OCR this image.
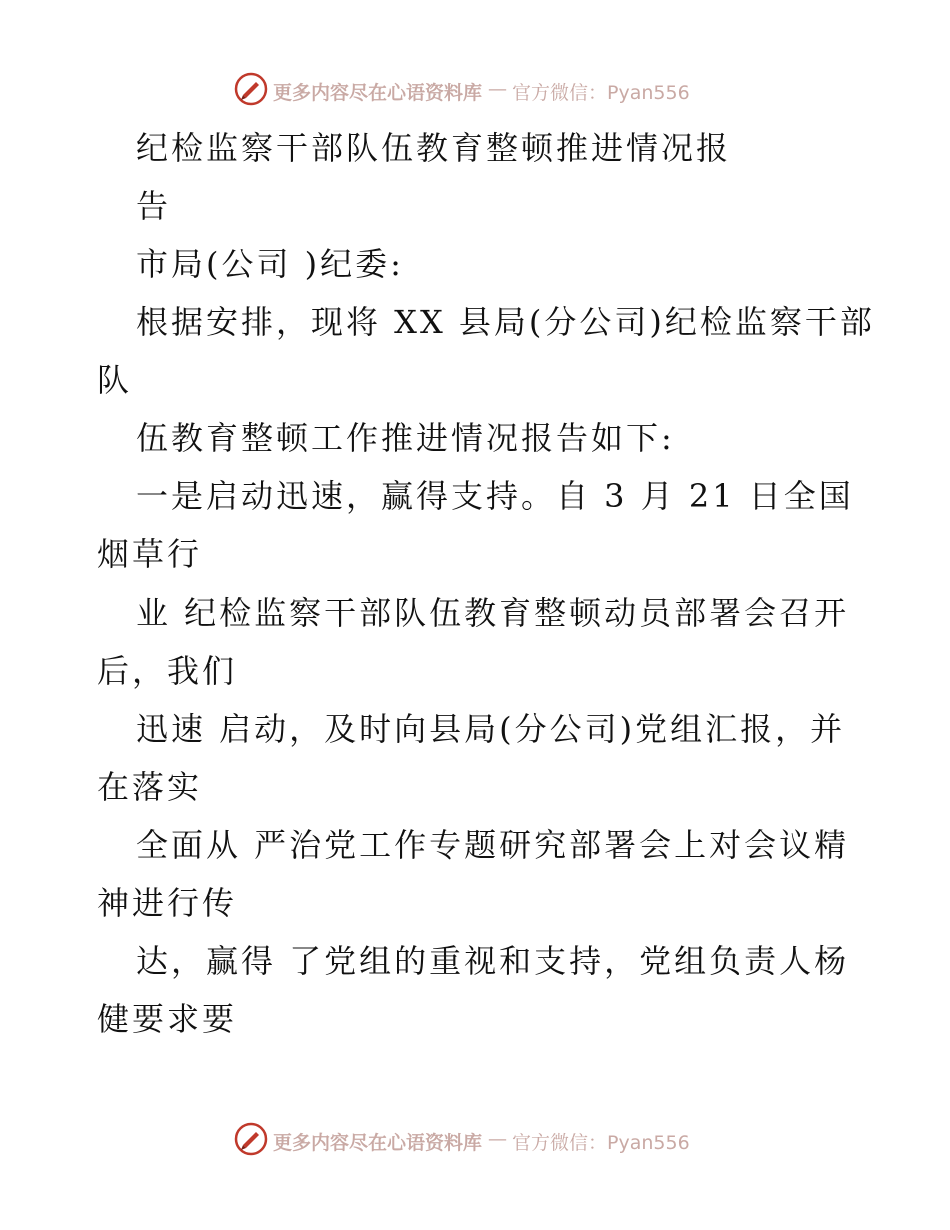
更多内容尽在心语资料库 — 官方微信：Pyan556
纪检监察干部队伍教育整顿推进情况报
告
市局(公司 )纪委:
根据安排，现将 XX 县局(分公司)纪检监察干部
队
伍教育整顿工作推进情况报告如下:
一是启动迅速，赢得支持。自 3 月 21 日全国
烟草行
业 纪检监察干部队伍教育整顿动员部署会召开
后，我们
迅速 启动，及时向县局(分公司)党组汇报，并
在落实
全面从 严治党工作专题研究部署会上对会议精
神进行传
达，赢得 了党组的重视和支持，党组负责人杨
健要求要
更多内容尽在心语资料库 — 官方微信：Pyan556
